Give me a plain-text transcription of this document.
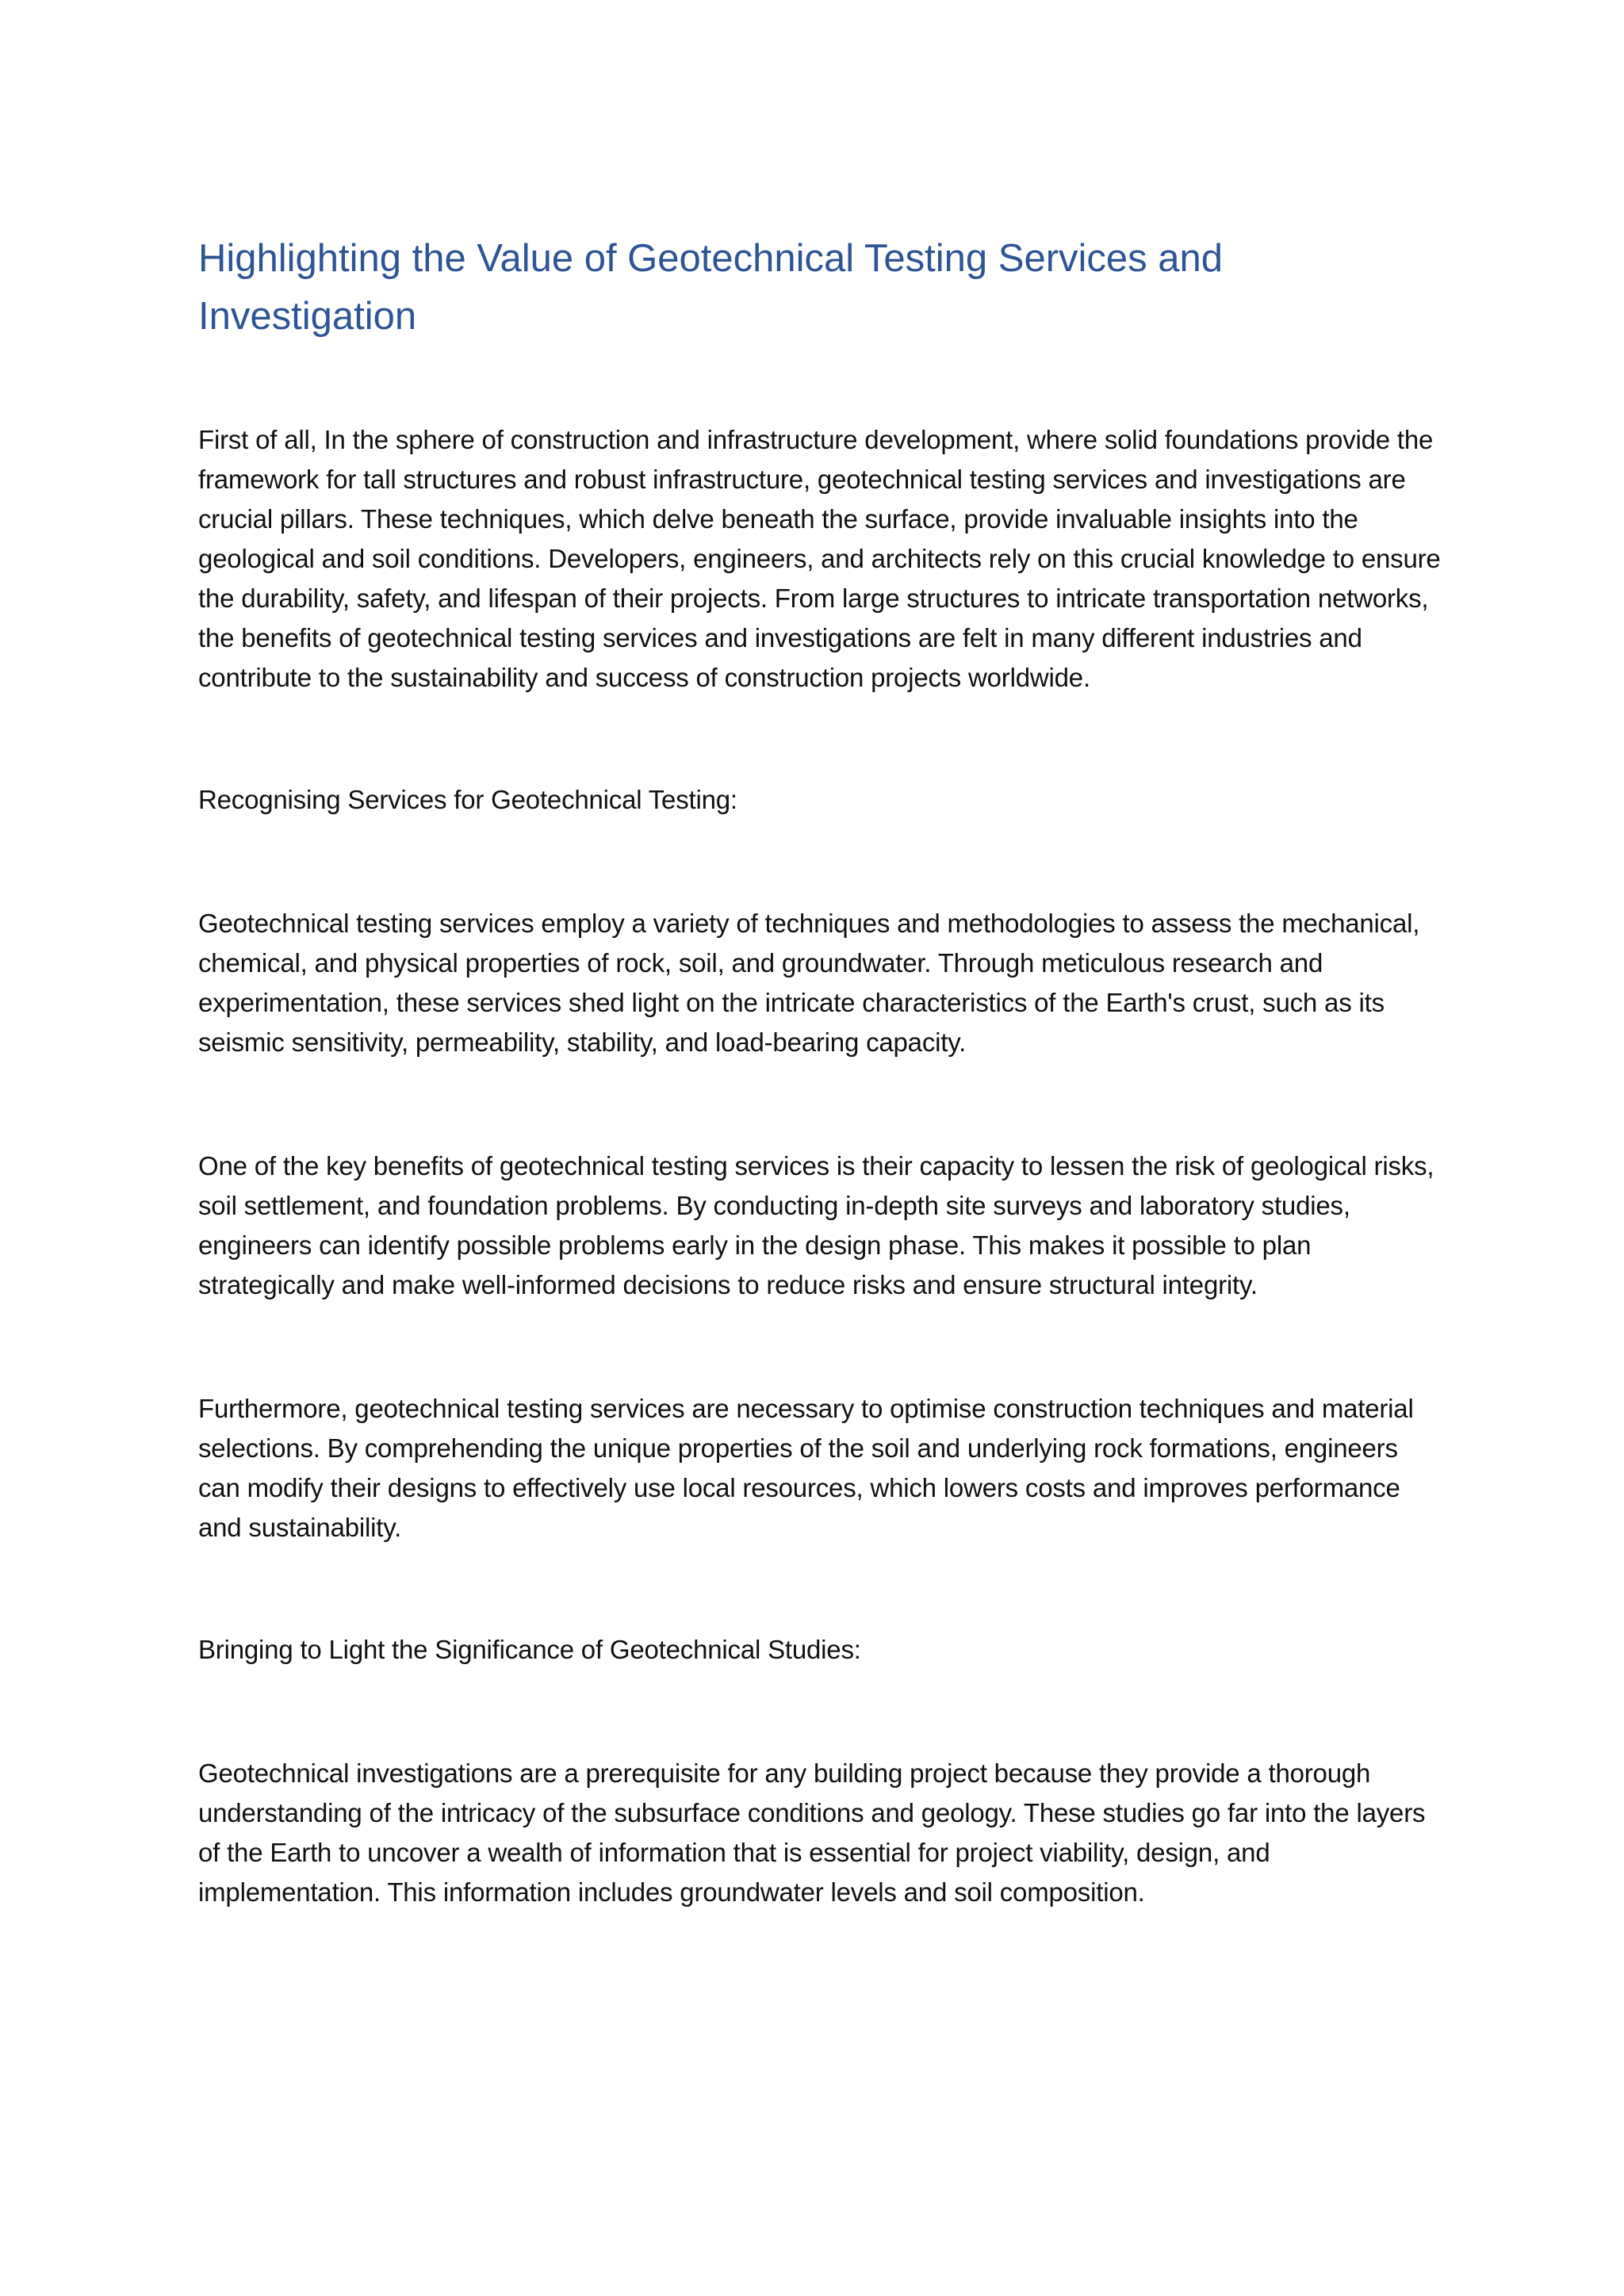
Highlighting the Value of Geotechnical Testing Services and Investigation

First of all, In the sphere of construction and infrastructure development, where solid foundations provide the framework for tall structures and robust infrastructure, geotechnical testing services and investigations are crucial pillars. These techniques, which delve beneath the surface, provide invaluable insights into the geological and soil conditions. Developers, engineers, and architects rely on this crucial knowledge to ensure the durability, safety, and lifespan of their projects. From large structures to intricate transportation networks, the benefits of geotechnical testing services and investigations are felt in many different industries and contribute to the sustainability and success of construction projects worldwide.

Recognising Services for Geotechnical Testing:

Geotechnical testing services employ a variety of techniques and methodologies to assess the mechanical, chemical, and physical properties of rock, soil, and groundwater. Through meticulous research and experimentation, these services shed light on the intricate characteristics of the Earth's crust, such as its seismic sensitivity, permeability, stability, and load-bearing capacity.

One of the key benefits of geotechnical testing services is their capacity to lessen the risk of geological risks, soil settlement, and foundation problems. By conducting in-depth site surveys and laboratory studies, engineers can identify possible problems early in the design phase. This makes it possible to plan strategically and make well-informed decisions to reduce risks and ensure structural integrity.

Furthermore, geotechnical testing services are necessary to optimise construction techniques and material selections. By comprehending the unique properties of the soil and underlying rock formations, engineers can modify their designs to effectively use local resources, which lowers costs and improves performance and sustainability.

Bringing to Light the Significance of Geotechnical Studies:

Geotechnical investigations are a prerequisite for any building project because they provide a thorough understanding of the intricacy of the subsurface conditions and geology. These studies go far into the layers of the Earth to uncover a wealth of information that is essential for project viability, design, and implementation. This information includes groundwater levels and soil composition.
